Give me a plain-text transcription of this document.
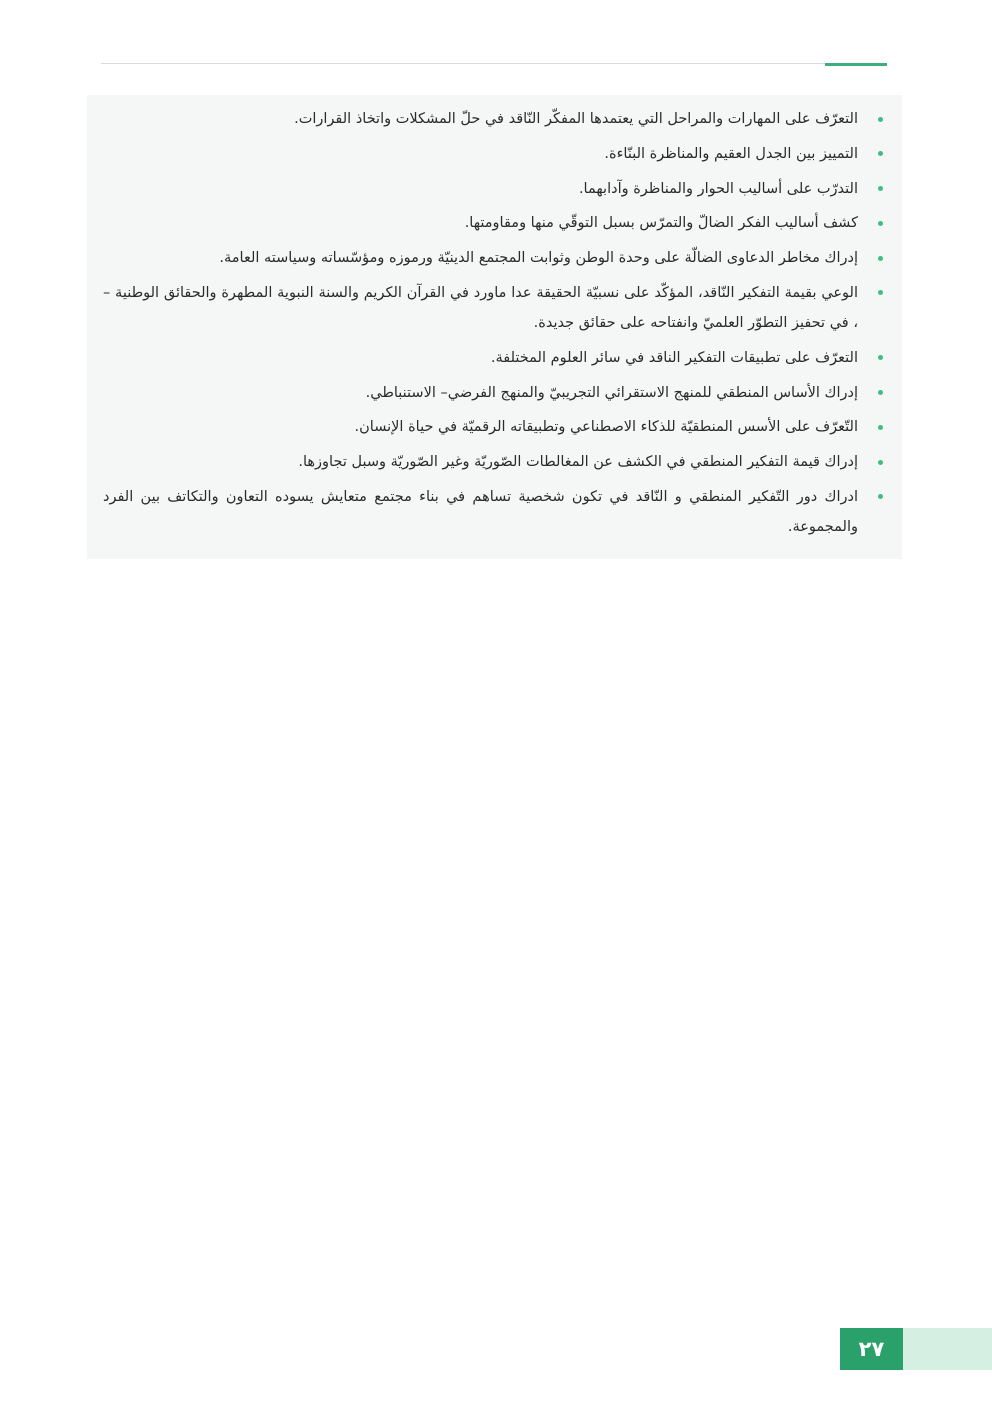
التعرّف على المهارات والمراحل التي يعتمدها المفكّر النّاقد في حلّ المشكلات واتخاذ القرارات.
التمييز بين الجدل العقيم والمناظرة البنّاءة.
التدرّب على أساليب الحوار والمناظرة وآدابهما.
كشف أساليب الفكر الضالّ والتمرّس بسبل التوقّي منها ومقاومتها.
إدراك مخاطر الدعاوى الضالّة على وحدة الوطن وثوابت المجتمع الدينيّة ورموزه ومؤسّساته وسياسته العامة.
الوعي بقيمة التفكير النّاقد، المؤكّد على نسبيّة الحقيقة عدا ماورد في القرآن الكريم والسنة النبوية المطهرة والحقائق الوطنية – ، في تحفيز التطوّر العلميّ وانفتاحه على حقائق جديدة.
التعرّف على تطبيقات التفكير الناقد في سائر العلوم المختلفة.
إدراك الأساس المنطقي للمنهج الاستقرائي التجريبيّ والمنهج الفرضي– الاستنباطي.
التّعرّف على الأسس المنطقيّة للذكاء الاصطناعي وتطبيقاته الرقميّة في حياة الإنسان.
إدراك قيمة التفكير المنطقي في الكشف عن المغالطات الصّوريّة وغير الصّوريّة وسبل تجاوزها.
ادراك دور التّفكير المنطقي و النّاقد في تكون شخصية تساهم في بناء مجتمع متعايش يسوده التعاون والتكاتف بين الفرد والمجموعة.
٢٧
